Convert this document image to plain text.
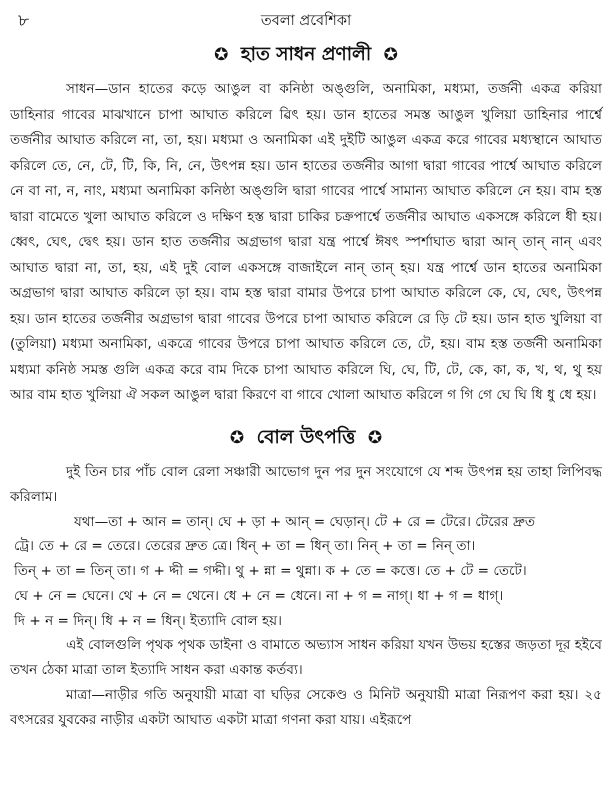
৮	তবলা প্রবেশিকা
✪ হাত সাধন প্রণালী ✪

সাধন—ডান হাতের কড়ে আঙুল বা কনিষ্ঠা অঙ্গুলি, অনামিকা, মধ্যমা, তর্জনী একত্র করিয়া ডাহিনার গাবের মাঝখানে চাপা আঘাত করিলে ৱিৎ হয়। ডান হাতের সমস্ত আঙুল খুলিয়া ডাহিনার পার্শ্বে তর্জনীর আঘাত করিলে না, তা, হয়। মধ্যমা ও অনামিকা এই দুইটি আঙুল একত্র করে গাবের মধ্যস্থানে আঘাত করিলে তে, নে, টে, টি, কি, নি, নে, উৎপন্ন হয়। ডান হাতের তর্জনীর আগা দ্বারা গাবের পার্শ্বে আঘাত করিলে নে বা না, ন, নাং, মধ্যমা অনামিকা কনিষ্ঠা অঙ্গুলি দ্বারা গাবের পার্শ্বে সামান্য আঘাত করিলে নে হয়। বাম হস্ত দ্বারা বামেতে খুলা আঘাত করিলে ও দক্ষিণ হস্ত দ্বারা চাকির চক্রপার্শ্বে তর্জনীর আঘাত একসঙ্গে করিলে ধী হয়। ধ্বেৎ, ঘেৎ, দ্বেৎ হয়। ডান হাত তর্জনীর অগ্রভাগ দ্বারা যন্ত্র পার্শ্বে ঈষৎ স্পর্শাঘাত দ্বারা আন্ তান্ নান্ এবং আঘাত দ্বারা না, তা, হয়, এই দুই বোল একসঙ্গে বাজাইলে নান্ তান্ হয়। যন্ত্র পার্শ্বে ডান হাতের অনামিকা অগ্রভাগ দ্বারা আঘাত করিলে ড়া হয়। বাম হস্ত দ্বারা বামার উপরে চাপা আঘাত করিলে কে, ঘে, ঘেৎ, উৎপন্ন হয়। ডান হাতের তর্জনীর অগ্রভাগ দ্বারা গাবের উপরে চাপা আঘাত করিলে রে ড়ি টে হয়। ডান হাত খুলিয়া বা (তুলিয়া) মধ্যমা অনামিকা, একত্রে গাবের উপরে চাপা আঘাত করিলে তে, টে, হয়। বাম হস্ত তর্জনী অনামিকা মধ্যমা কনিষ্ঠ সমস্ত গুলি একত্র করে বাম দিকে চাপা আঘাত করিলে ঘি, ঘে, টি, টে, কে, কা, ক, খ, থ, থু হয় আর বাম হাত খুলিয়া ঐ সকল আঙুল দ্বারা কিরণে বা গাবে খোলা আঘাত করিলে গ গি গে ঘে ঘি ধি ধু ধে হয়।

✪ বোল উৎপত্তি ✪

দুই তিন চার পাঁচ বোল রেলা সঞ্চারী আভোগ দুন পর দুন সংযোগে যে শব্দ উৎপন্ন হয় তাহা লিপিবদ্ধ করিলাম।

যথা—তা + আন = তান্। ঘে + ড়া + আন্ = ঘেড়ান্। টে + রে = টেরে। টেরের দ্রুত

ট্রে। তে + রে = তেরে। তেরের দ্রুত ত্রে। ধিন্ + তা = ধিন্ তা। নিন্ + তা = নিন্ তা।

তিন্ + তা = তিন্ তা। গ + দ্দী = গদ্দী। থু + ন্না = থুন্না। ক + তে = কত্তে। তে + টে = তেটে।

ঘে + নে = ঘেনে। থে + নে = থেনে। ধে + নে = ধেনে। না + গ = নাগ্। ধা + গ = ধাগ্।

দি + ন = দিন্। ধি + ন = ধিন্। ইত্যাদি বোল হয়।

এই বোলগুলি পৃথক পৃথক ডাইনা ও বামাতে অভ্যাস সাধন করিয়া যখন উভয় হস্তের জড়তা দূর হইবে তখন ঠেকা মাত্রা তাল ইত্যাদি সাধন করা একান্ত কর্তব্য।

মাত্রা—নাড়ীর গতি অনুযায়ী মাত্রা বা ঘড়ির সেকেণ্ড ও মিনিট অনুযায়ী মাত্রা নিরূপণ করা হয়। ২৫ বৎসরের যুবকের নাড়ীর একটা আঘাত একটা মাত্রা গণনা করা যায়। এইরূপে
